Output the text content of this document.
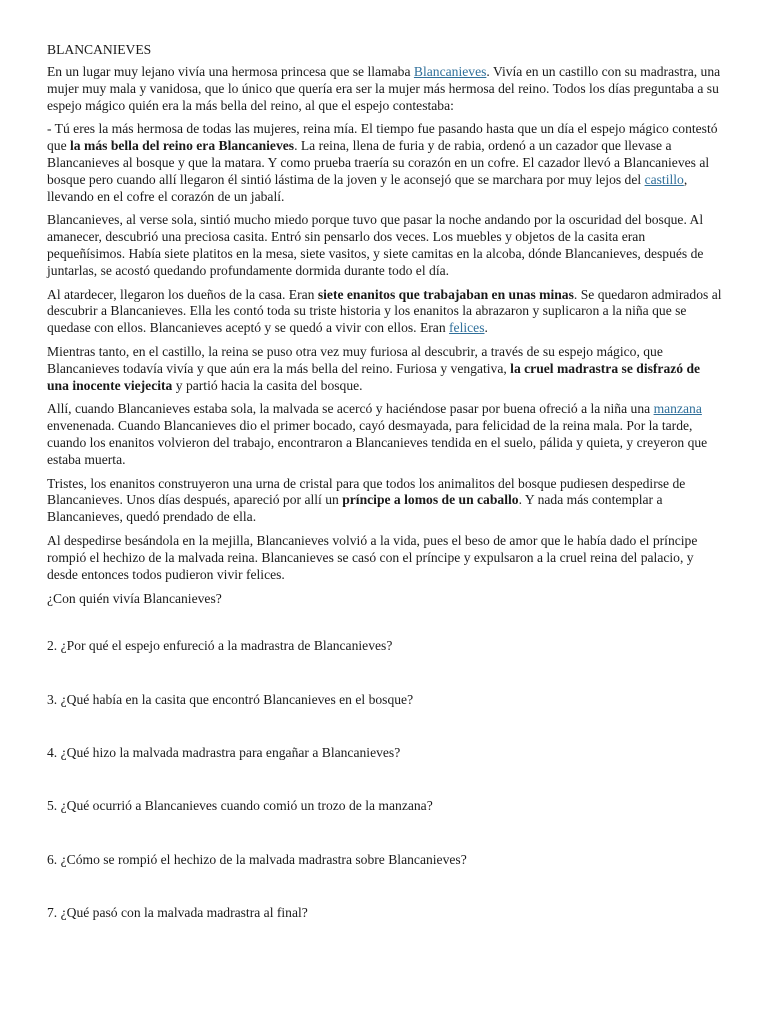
BLANCANIEVES

En un lugar muy lejano vivía una hermosa princesa que se llamaba Blancanieves. Vivía en un castillo con su madrastra, una mujer muy mala y vanidosa, que lo único que quería era ser la mujer más hermosa del reino. Todos los días preguntaba a su espejo mágico quién era la más bella del reino, al que el espejo contestaba:

- Tú eres la más hermosa de todas las mujeres, reina mía. El tiempo fue pasando hasta que un día el espejo mágico contestó que la más bella del reino era Blancanieves. La reina, llena de furia y de rabia, ordenó a un cazador que llevase a Blancanieves al bosque y que la matara. Y como prueba traería su corazón en un cofre. El cazador llevó a Blancanieves al bosque pero cuando allí llegaron él sintió lástima de la joven y le aconsejó que se marchara por muy lejos del castillo, llevando en el cofre el corazón de un jabalí.

Blancanieves, al verse sola, sintió mucho miedo porque tuvo que pasar la noche andando por la oscuridad del bosque. Al amanecer, descubrió una preciosa casita. Entró sin pensarlo dos veces. Los muebles y objetos de la casita eran pequeñísimos. Había siete platitos en la mesa, siete vasitos, y siete camitas en la alcoba, dónde Blancanieves, después de juntarlas, se acostó quedando profundamente dormida durante todo el día.

Al atardecer, llegaron los dueños de la casa. Eran siete enanitos que trabajaban en unas minas. Se quedaron admirados al descubrir a Blancanieves. Ella les contó toda su triste historia y los enanitos la abrazaron y suplicaron a la niña que se quedase con ellos. Blancanieves aceptó y se quedó a vivir con ellos. Eran felices.

Mientras tanto, en el castillo, la reina se puso otra vez muy furiosa al descubrir, a través de su espejo mágico, que Blancanieves todavía vivía y que aún era la más bella del reino. Furiosa y vengativa, la cruel madrastra se disfrazó de una inocente viejecita y partió hacia la casita del bosque.

Allí, cuando Blancanieves estaba sola, la malvada se acercó y haciéndose pasar por buena ofreció a la niña una manzana envenenada. Cuando Blancanieves dio el primer bocado, cayó desmayada, para felicidad de la reina mala. Por la tarde, cuando los enanitos volvieron del trabajo, encontraron a Blancanieves tendida en el suelo, pálida y quieta, y creyeron que estaba muerta.

Tristes, los enanitos construyeron una urna de cristal para que todos los animalitos del bosque pudiesen despedirse de Blancanieves. Unos días después, apareció por allí un príncipe a lomos de un caballo. Y nada más contemplar a Blancanieves, quedó prendado de ella.

Al despedirse besándola en la mejilla, Blancanieves volvió a la vida, pues el beso de amor que le había dado el príncipe rompió el hechizo de la malvada reina. Blancanieves se casó con el príncipe y expulsaron a la cruel reina del palacio, y desde entonces todos pudieron vivir felices.

¿Con quién vivía Blancanieves?

2. ¿Por qué el espejo enfureció a la madrastra de Blancanieves?

3. ¿Qué había en la casita que encontró Blancanieves en el bosque?

4. ¿Qué hizo la malvada madrastra para engañar a Blancanieves?

5. ¿Qué ocurrió a Blancanieves cuando comió un trozo de la manzana?

6. ¿Cómo se rompió el hechizo de la malvada madrastra sobre Blancanieves?

7. ¿Qué pasó con la malvada madrastra al final?
